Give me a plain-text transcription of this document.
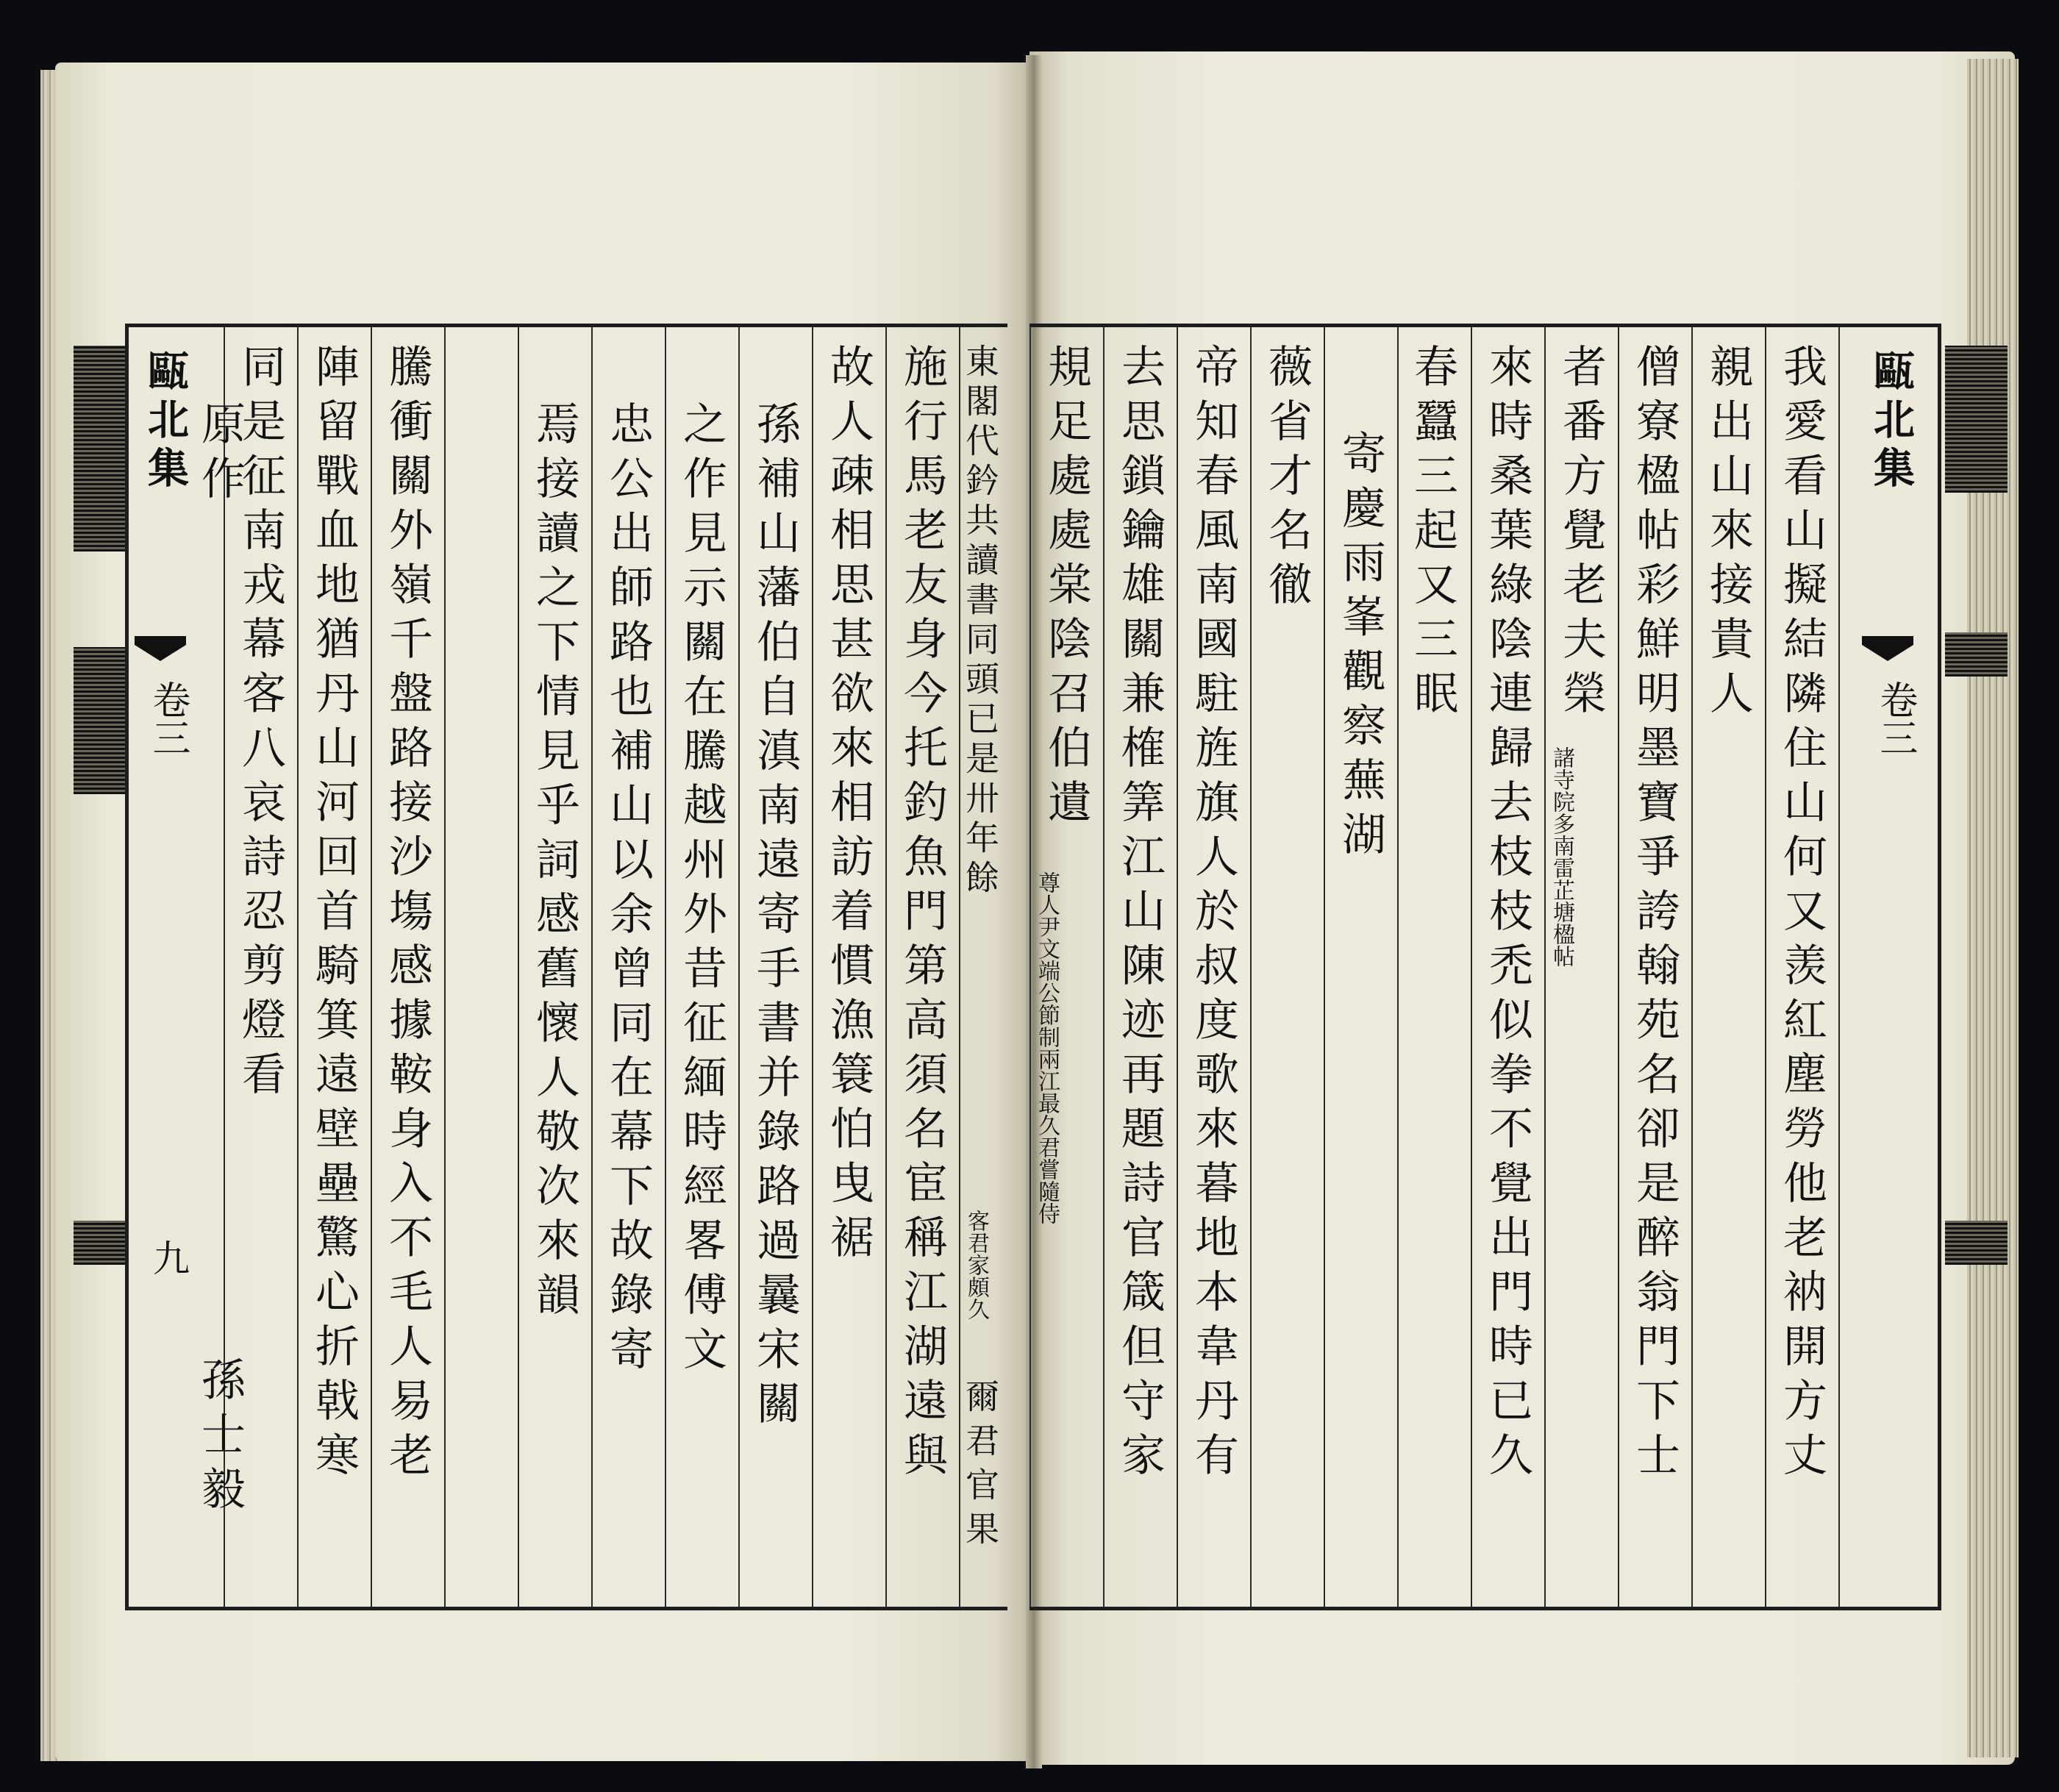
甌北集
卷三
九
東閣代鈐共讀書同頭已是卅年餘
客君家頗久
爾君官果
施行馬老友身今托釣魚門第高須名宦稱江湖遠與
故人疎相思甚欲來相訪着慣漁簑怕曳裾
孫補山藩伯自滇南遠寄手書并錄路過曩宋關
之作見示關在騰越州外昔征緬時經畧傅文
忠公出師路也補山以余曾同在幕下故錄寄
焉接讀之下情見乎詞感舊懷人敬次來韻
騰衝關外嶺千盤路接沙塲感據鞍身入不毛人易老
陣留戰血地猶丹山河回首騎箕遠壁壘驚心折戟寒
同是征南戎幕客八哀詩忍剪燈看
原作
孫士毅
規足處處棠陰召伯遺
尊人尹文端公節制兩江最久君嘗隨侍 去思鎖鑰雄關兼榷筭江山陳迹再題詩官箴但守家 帝知春風南國駐旌旗人於叔度歌來暮地本韋丹有 薇省才名徹 寄慶雨峯觀察蕪湖 春蠶三起又三眠 來時桑葉綠陰連歸去枝枝禿似拳不覺出門時已久 者番方覺老夫榮
諸寺院多南雷芷塘楹帖 僧寮楹帖彩鮮明墨寶爭誇翰苑名卻是醉翁門下士 親出山來接貴人 我愛看山擬結隣住山何又羡紅塵勞他老衲開方丈 甌北集
卷三
